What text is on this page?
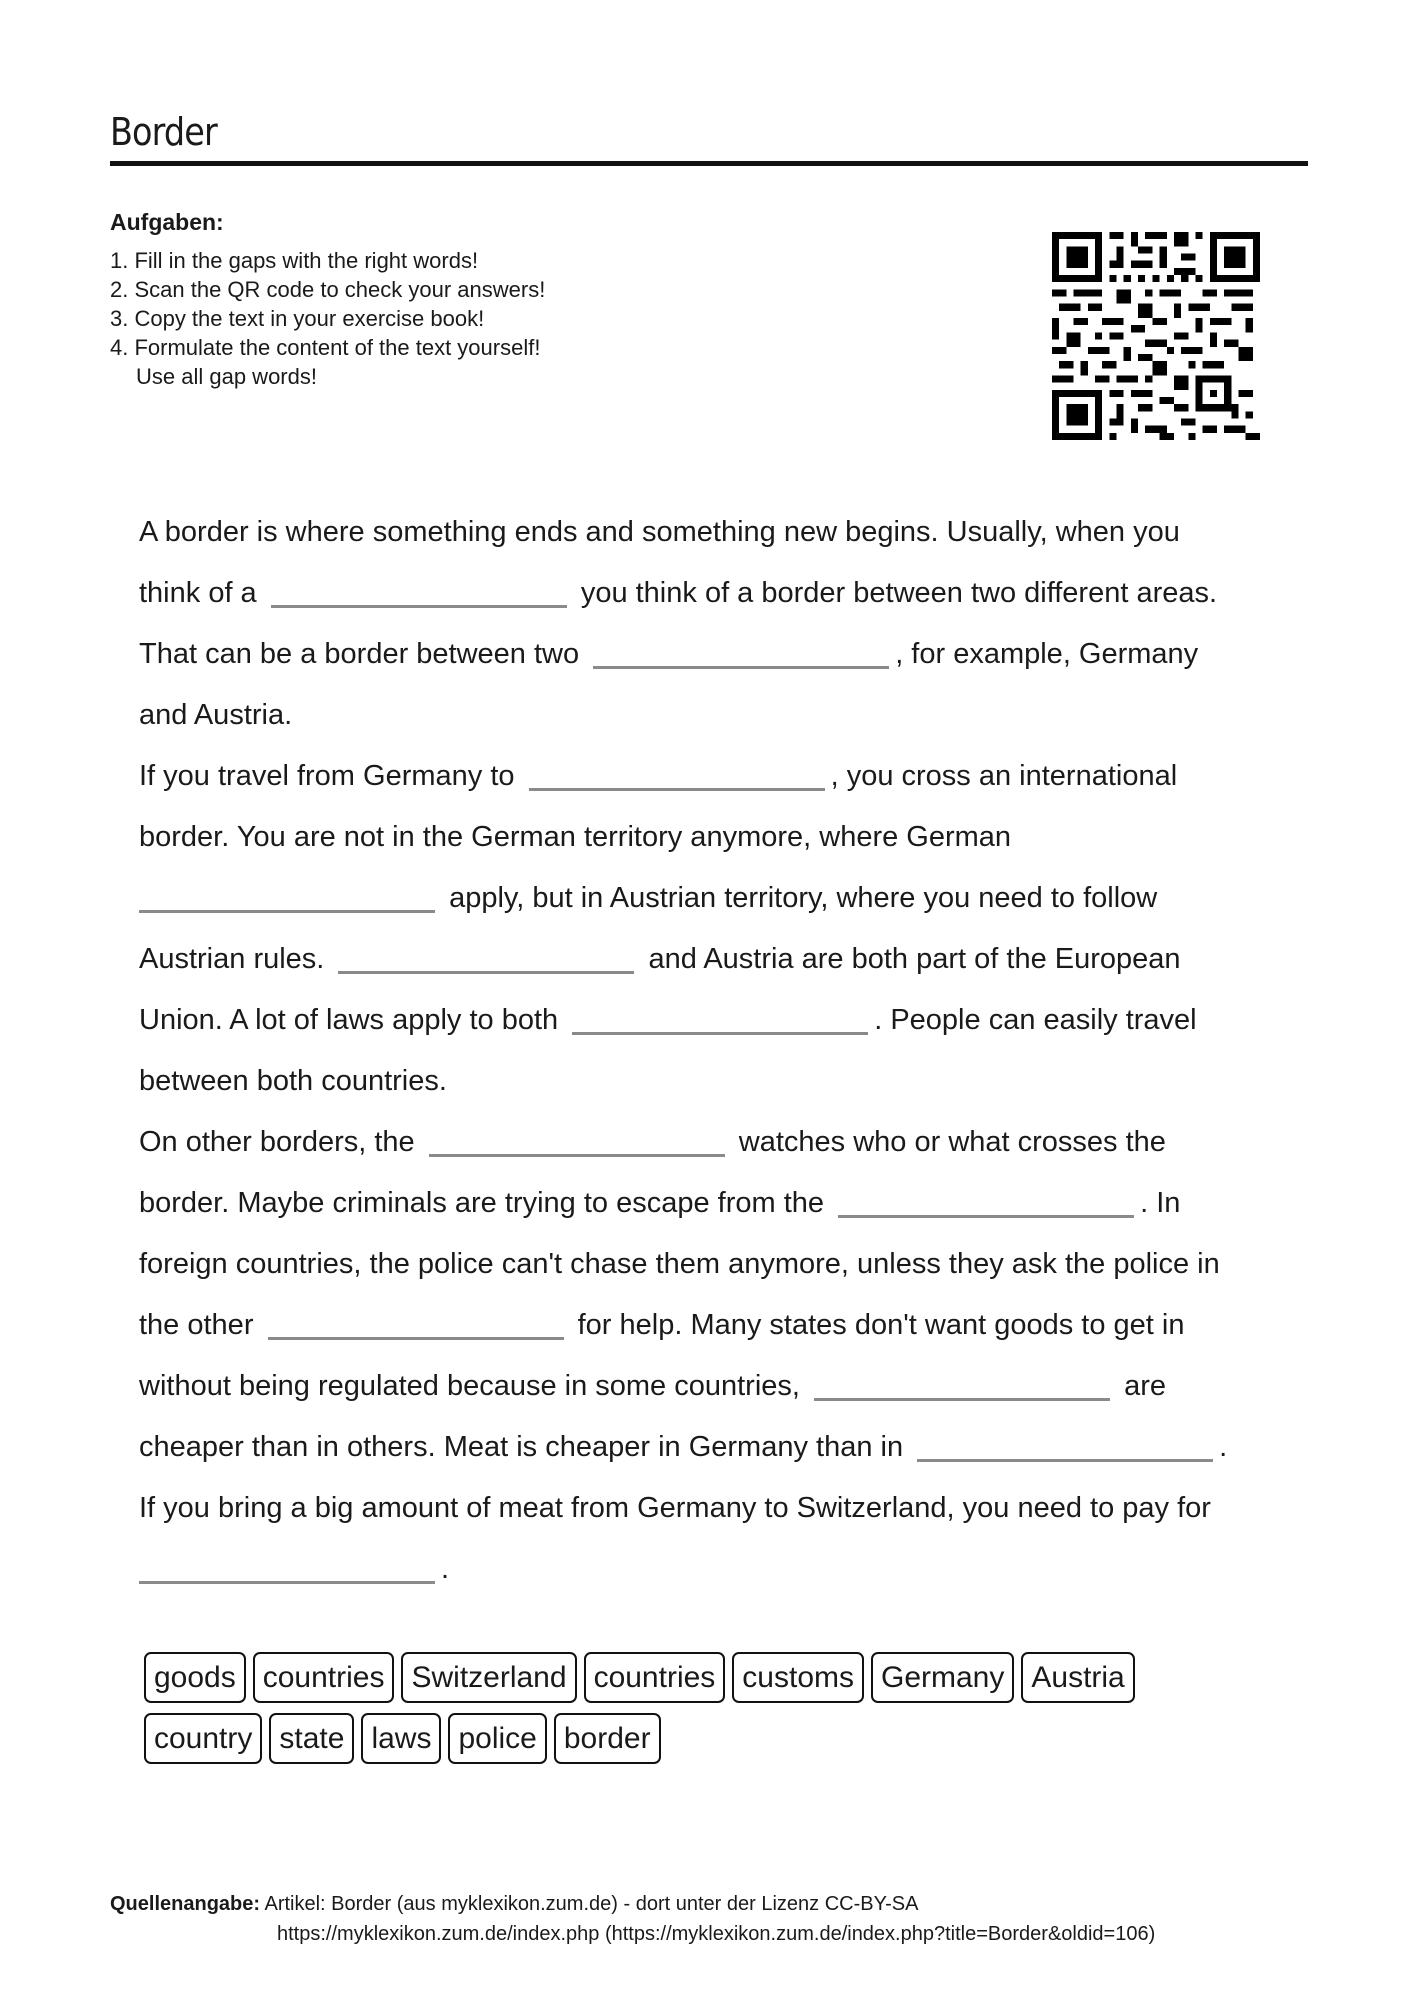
Border
Aufgaben:
1. Fill in the gaps with the right words!
2. Scan the QR code to check your answers!
3. Copy the text in your exercise book!
4. Formulate the content of the text yourself!
Use all gap words!
A border is where something ends and something new begins. Usually, when you
think of a	you think of a border between two different areas.
That can be a border between two	, for example, Germany
and Austria.
If you travel from Germany to	, you cross an international
border. You are not in the German territory anymore, where German
apply, but in Austrian territory, where you need to follow
Austrian rules.	and Austria are both part of the European
Union. A lot of laws apply to both	. People can easily travel
between both countries.
On other borders, the	watches who or what crosses the
border. Maybe criminals are trying to escape from the	. In
foreign countries, the police can't chase them anymore, unless they ask the police in
the other	for help. Many states don't want goods to get in
without being regulated because in some countries,	are
cheaper than in others. Meat is cheaper in Germany than in	.
If you bring a big amount of meat from Germany to Switzerland, you need to pay for
.
goods countries Switzerland countries customs Germany Austria
country state laws police border
Quellenangabe: Artikel: Border (aus myklexikon.zum.de) - dort unter der Lizenz CC-BY-SA
https://myklexikon.zum.de/index.php (https://myklexikon.zum.de/index.php?title=Border&oldid=106)
